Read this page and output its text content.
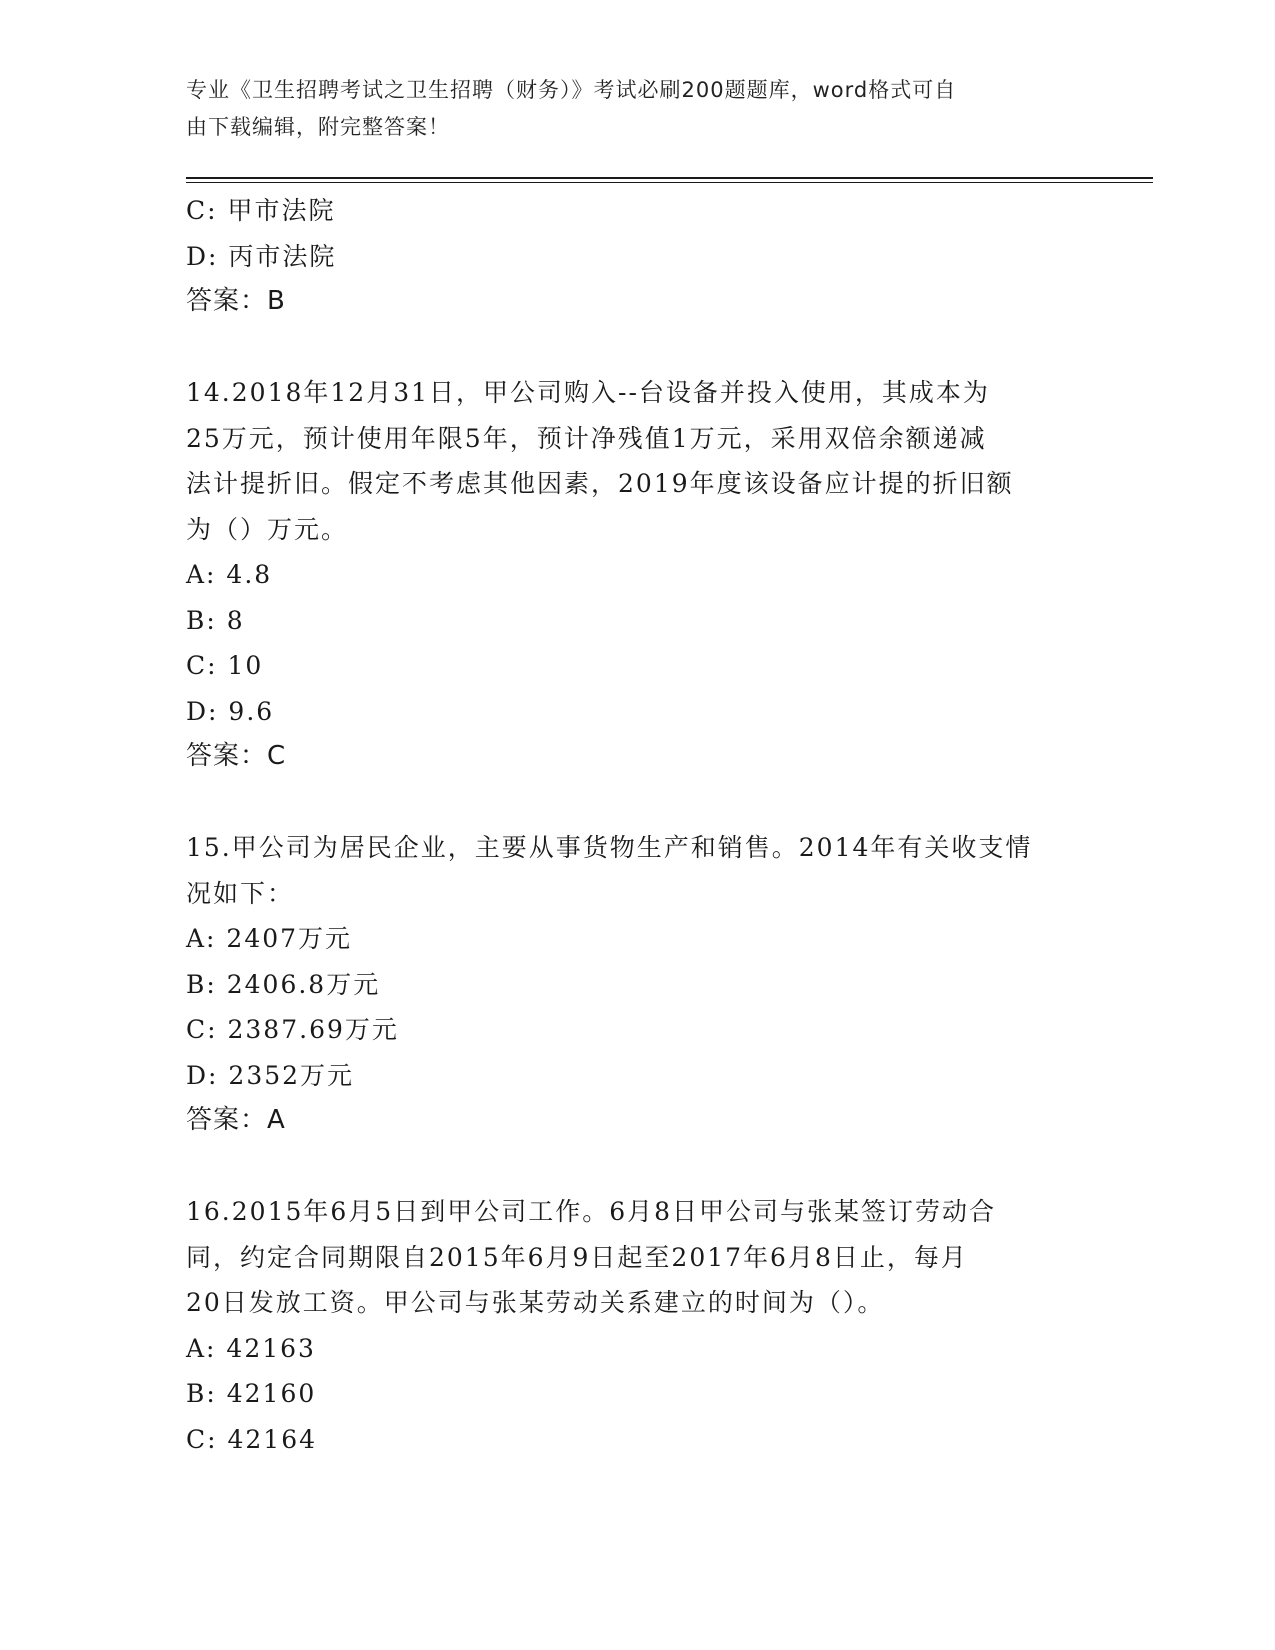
专业《卫生招聘考试之卫生招聘（财务）》考试必刷200题题库，word格式可自
由下载编辑，附完整答案！
C: 甲市法院
D: 丙市法院
答案：B
14.2018年12月31日，甲公司购入--台设备并投入使用，其成本为
25万元，预计使用年限5年，预计净残值1万元，采用双倍余额递减
法计提折旧。假定不考虑其他因素，2019年度该设备应计提的折旧额
为（）万元。
A: 4.8
B: 8
C: 10
D: 9.6
答案：C
15.甲公司为居民企业，主要从事货物生产和销售。2014年有关收支情
况如下：
A: 2407万元
B: 2406.8万元
C: 2387.69万元
D: 2352万元
答案：A
16.2015年6月5日到甲公司工作。6月8日甲公司与张某签订劳动合
同，约定合同期限自2015年6月9日起至2017年6月8日止，每月
20日发放工资。甲公司与张某劳动关系建立的时间为（）。
A: 42163
B: 42160
C: 42164
